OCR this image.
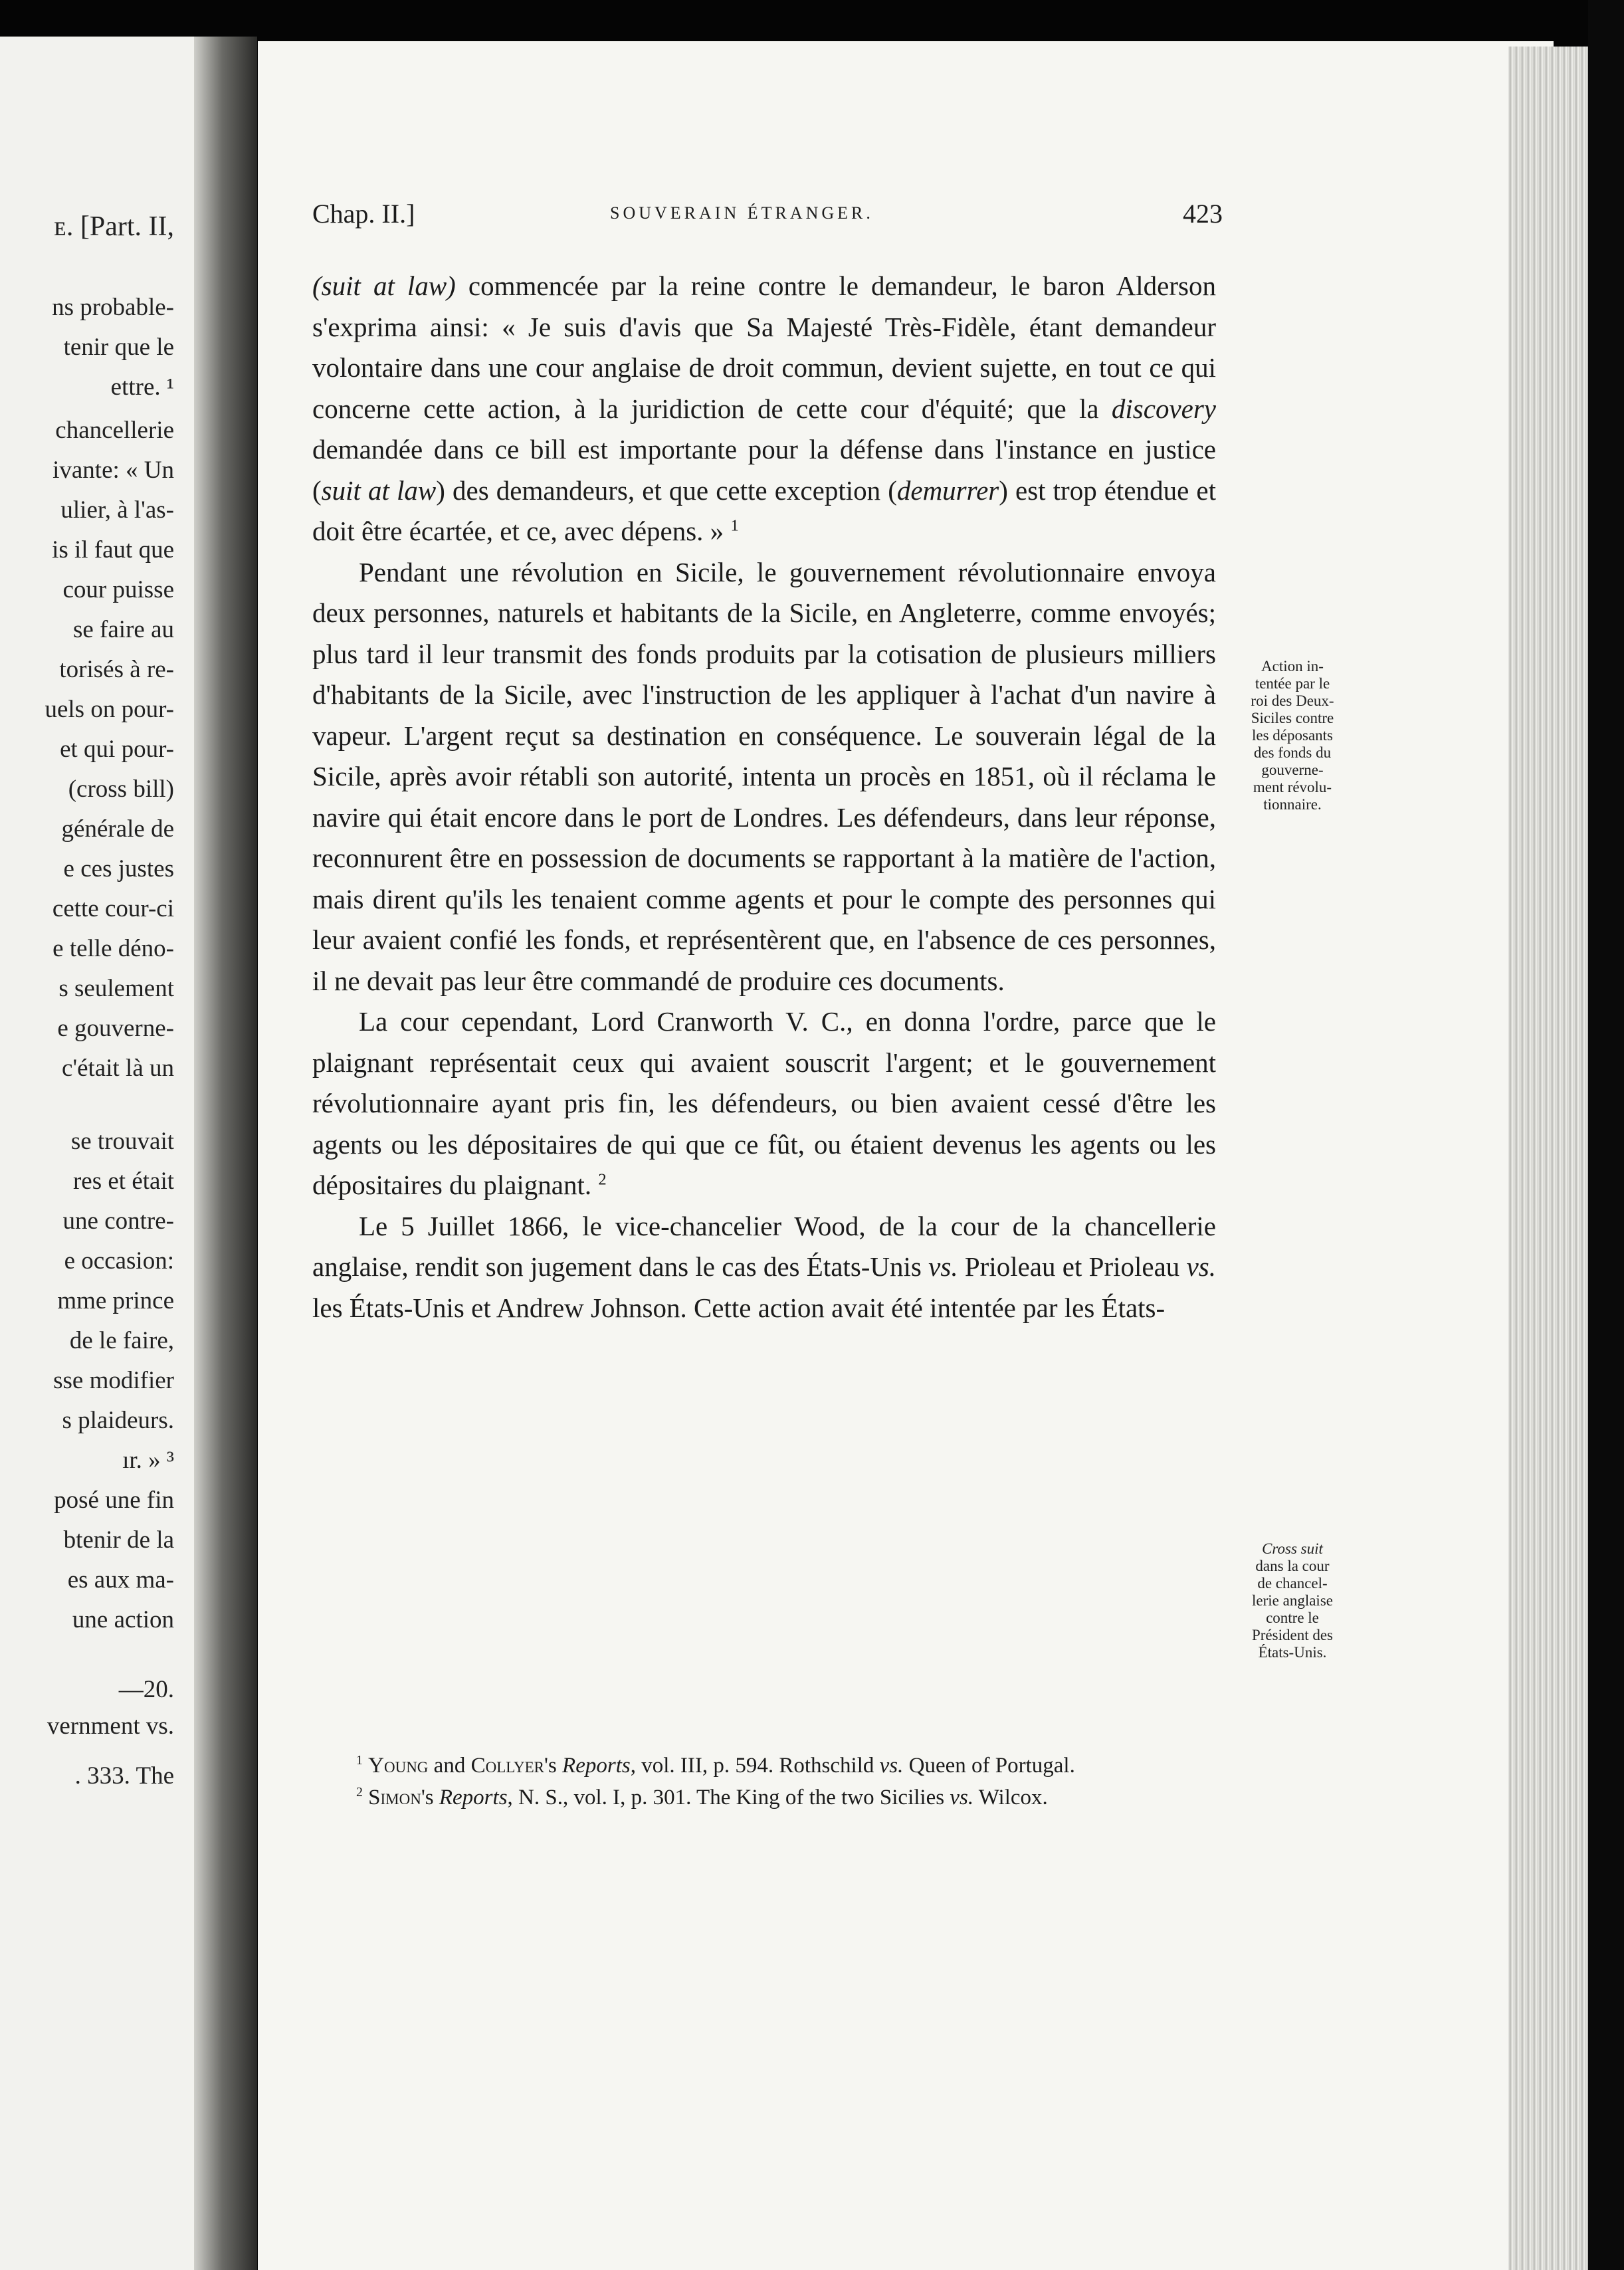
ᴇ. [Part. II,
ns probable-
tenir que le
ettre. ¹
chancellerie
ivante: « Un
ulier, à l'as-
is il faut que
cour puisse
se faire au
torisés à re-
uels on pour-
et qui pour-
(cross bill)
générale de
e ces justes
cette cour-ci
e telle déno-
s seulement
e gouverne-
c'était là un
se trouvait
res et était
une contre-
e occasion:
mme prince
de le faire,
sse modifier
s plaideurs.
ır. » ³
posé une fin
btenir de la
es aux ma-
une action
—20.
vernment vs.
. 333. The
Chap. II.]	SOUVERAIN ÉTRANGER.	423

(suit at law) commencée par la reine contre le demandeur, le baron Alderson s'exprima ainsi: « Je suis d'avis que Sa Majesté Très-Fidèle, étant demandeur volontaire dans une cour anglaise de droit commun, devient sujette, en tout ce qui concerne cette action, à la juridiction de cette cour d'équité; que la discovery demandée dans ce bill est importante pour la défense dans l'instance en justice (suit at law) des demandeurs, et que cette exception (demurrer) est trop étendue et doit être écartée, et ce, avec dépens. » $^1$

Pendant une révolution en Sicile, le gouvernement révolutionnaire envoya deux personnes, naturels et habitants de la Sicile, en Angleterre, comme envoyés; plus tard il leur transmit des fonds produits par la cotisation de plusieurs milliers d'habitants de la Sicile, avec l'instruction de les appliquer à l'achat d'un navire à vapeur. L'argent reçut sa destination en conséquence. Le souverain légal de la Sicile, après avoir rétabli son autorité, intenta un procès en 1851, où il réclama le navire qui était encore dans le port de Londres. Les défendeurs, dans leur réponse, reconnurent être en possession de documents se rapportant à la matière de l'action, mais dirent qu'ils les tenaient comme agents et pour le compte des personnes qui leur avaient confié les fonds, et représentèrent que, en l'absence de ces personnes, il ne devait pas leur être commandé de produire ces documents.

La cour cependant, Lord Cranworth V. C., en donna l'ordre, parce que le plaignant représentait ceux qui avaient souscrit l'argent; et le gouvernement révolutionnaire ayant pris fin, les défendeurs, ou bien avaient cessé d'être les agents ou les dépositaires de qui que ce fût, ou étaient devenus les agents ou les dépositaires du plaignant. $^2$

Le 5 Juillet 1866, le vice-chancelier Wood, de la cour de la chancellerie anglaise, rendit son jugement dans le cas des États-Unis vs. Prioleau et Prioleau vs. les États-Unis et Andrew Johnson. Cette action avait été intentée par les États-

Action in-
tentée par le
roi des Deux-
Siciles contre
les déposants
des fonds du
gouverne-
ment révolu-
tionnaire.
Cross suit

dans la cour
de chancel-
lerie anglaise
contre le
Président des
États-Unis.

$^1$ Young and Collyer's Reports, vol. III, p. 594. Rothschild vs. Queen of Portugal.

$^2$ Simon's Reports, N. S., vol. I, p. 301. The King of the two Sicilies vs. Wilcox.
